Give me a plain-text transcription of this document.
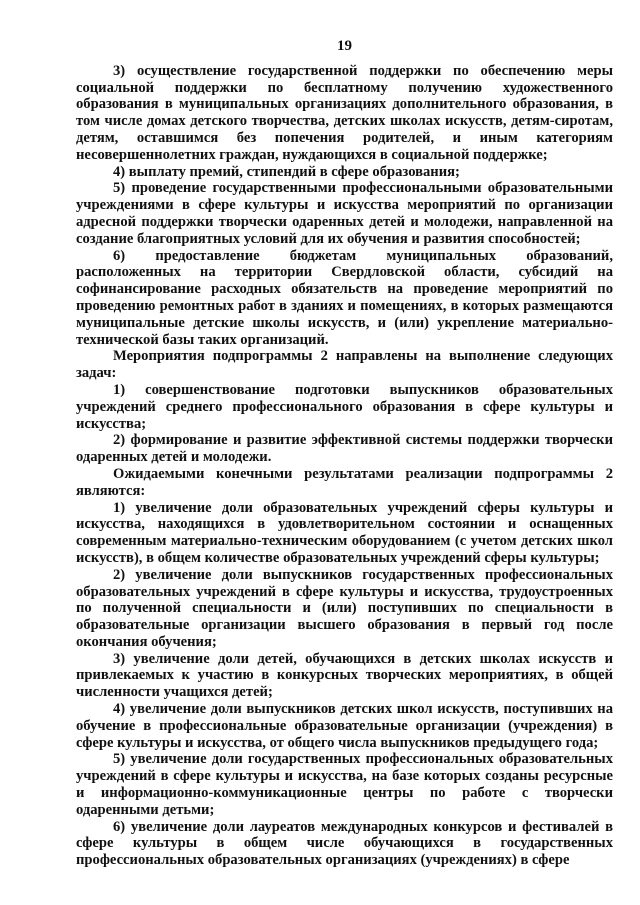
19

3) осуществление государственной поддержки по обеспечению меры социальной поддержки по бесплатному получению художественного образования в муниципальных организациях дополнительного образования, в том числе домах детского творчества, детских школах искусств, детям-сиротам, детям, оставшимся без попечения родителей, и иным категориям несовершеннолетних граждан, нуждающихся в социальной поддержке;

4) выплату премий, стипендий в сфере образования;

5) проведение государственными профессиональными образовательными учреждениями в сфере культуры и искусства мероприятий по организации адресной поддержки творчески одаренных детей и молодежи, направленной на создание благоприятных условий для их обучения и развития способностей;

6) предоставление бюджетам муниципальных образований, расположенных на территории Свердловской области, субсидий на софинансирование расходных обязательств на проведение мероприятий по проведению ремонтных работ в зданиях и помещениях, в которых размещаются муниципальные детские школы искусств, и (или) укрепление материально-технической базы таких организаций.

Мероприятия подпрограммы 2 направлены на выполнение следующих задач:

1) совершенствование подготовки выпускников образовательных учреждений среднего профессионального образования в сфере культуры и искусства;

2) формирование и развитие эффективной системы поддержки творчески одаренных детей и молодежи.

Ожидаемыми конечными результатами реализации подпрограммы 2 являются:

1) увеличение доли образовательных учреждений сферы культуры и искусства, находящихся в удовлетворительном состоянии и оснащенных современным материально-техническим оборудованием (с учетом детских школ искусств), в общем количестве образовательных учреждений сферы культуры;

2) увеличение доли выпускников государственных профессиональных образовательных учреждений в сфере культуры и искусства, трудоустроенных по полученной специальности и (или) поступивших по специальности в образовательные организации высшего образования в первый год после окончания обучения;

3) увеличение доли детей, обучающихся в детских школах искусств и привлекаемых к участию в конкурсных творческих мероприятиях, в общей численности учащихся детей;

4) увеличение доли выпускников детских школ искусств, поступивших на обучение в профессиональные образовательные организации (учреждения) в сфере культуры и искусства, от общего числа выпускников предыдущего года;

5) увеличение доли государственных профессиональных образовательных учреждений в сфере культуры и искусства, на базе которых созданы ресурсные и информационно-коммуникационные центры по работе с творчески одаренными детьми;

6) увеличение доли лауреатов международных конкурсов и фестивалей в сфере культуры в общем числе обучающихся в государственных профессиональных образовательных организациях (учреждениях) в сфере
